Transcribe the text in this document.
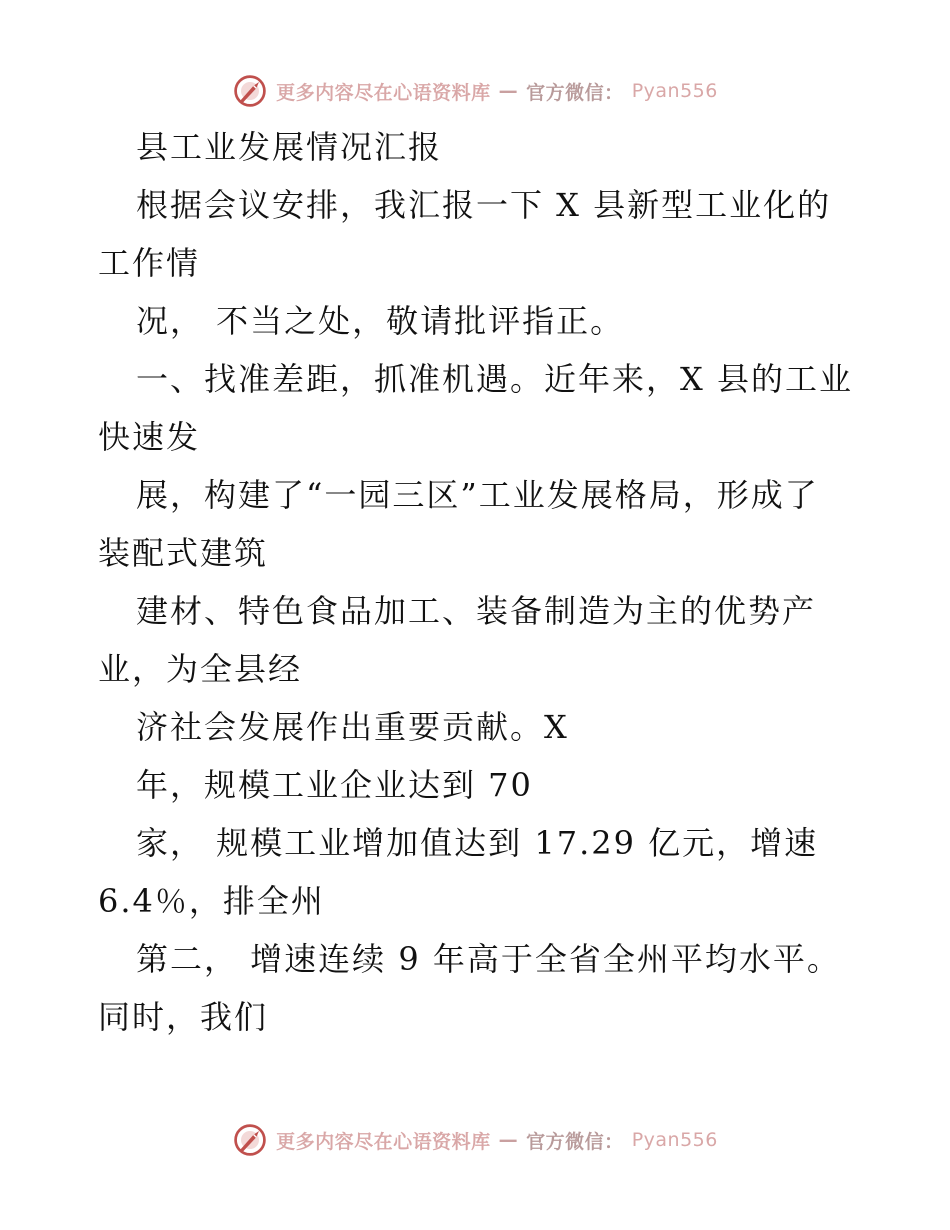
更多内容尽在心语资料库 — 官方微信： Pyan556
县工业发展情况汇报
根据会议安排，我汇报一下 X 县新型工业化的
工作情
况， 不当之处，敬请批评指正。
一、找准差距，抓准机遇。近年来，X 县的工业
快速发
展，构建了“一园三区”工业发展格局，形成了
装配式建筑
建材、特色食品加工、装备制造为主的优势产
业，为全县经
济社会发展作出重要贡献。X
年，规模工业企业达到 70
家， 规模工业增加值达到 17.29 亿元，增速
6.4％，排全州
第二， 增速连续 9 年高于全省全州平均水平。
同时，我们
更多内容尽在心语资料库 — 官方微信： Pyan556
